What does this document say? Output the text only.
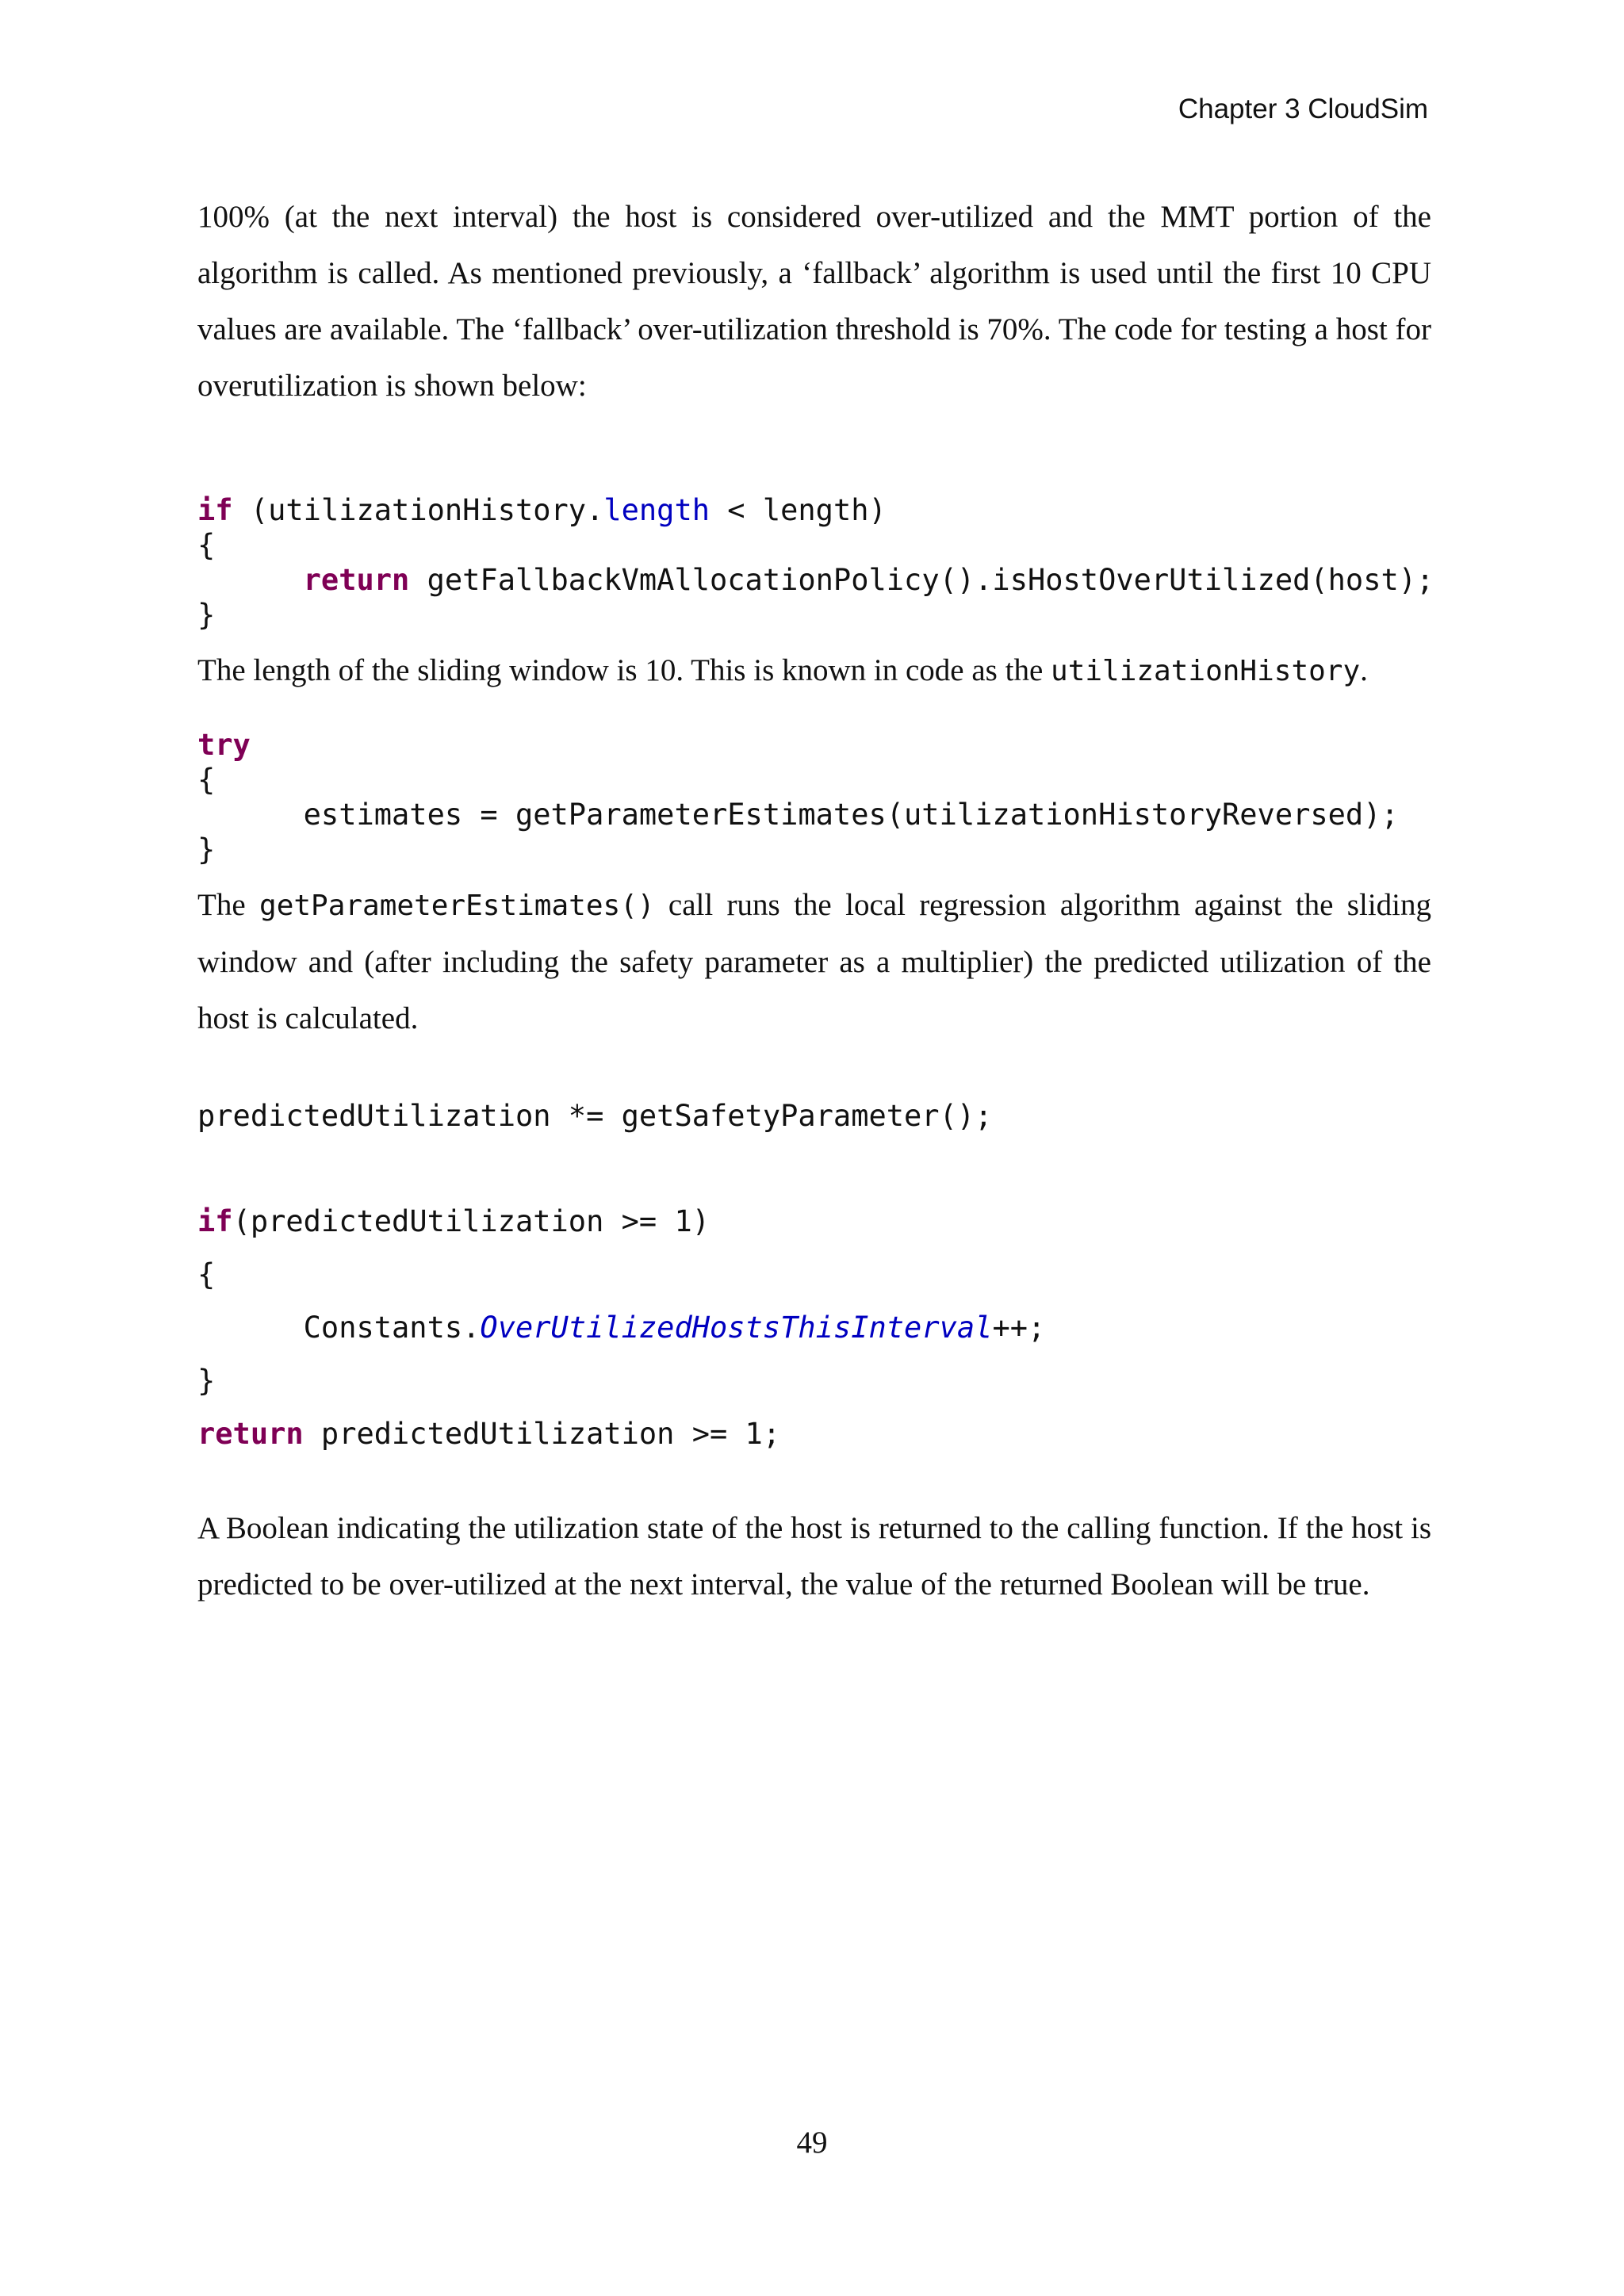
Chapter 3 CloudSim

100% (at the next interval) the host is considered over-utilized and the MMT portion of the algorithm is called. As mentioned previously, a ‘fallback’ algorithm is used until the first 10 CPU values are available. The ‘fallback’ over-utilization threshold is 70%. The code for testing a host for overutilization is shown below:

if (utilizationHistory.length < length)
{
return getFallbackVmAllocationPolicy().isHostOverUtilized(host);
}

The length of the sliding window is 10. This is known in code as the utilizationHistory.

try
{
estimates = getParameterEstimates(utilizationHistoryReversed);
}

The getParameterEstimates() call runs the local regression algorithm against the sliding window and (after including the safety parameter as a multiplier) the predicted utilization of the host is calculated.

predictedUtilization *= getSafetyParameter();
if(predictedUtilization >= 1)
{
Constants.OverUtilizedHostsThisInterval++;
}
return predictedUtilization >= 1;

A Boolean indicating the utilization state of the host is returned to the calling function. If the host is predicted to be over-utilized at the next interval, the value of the returned Boolean will be true.

49
